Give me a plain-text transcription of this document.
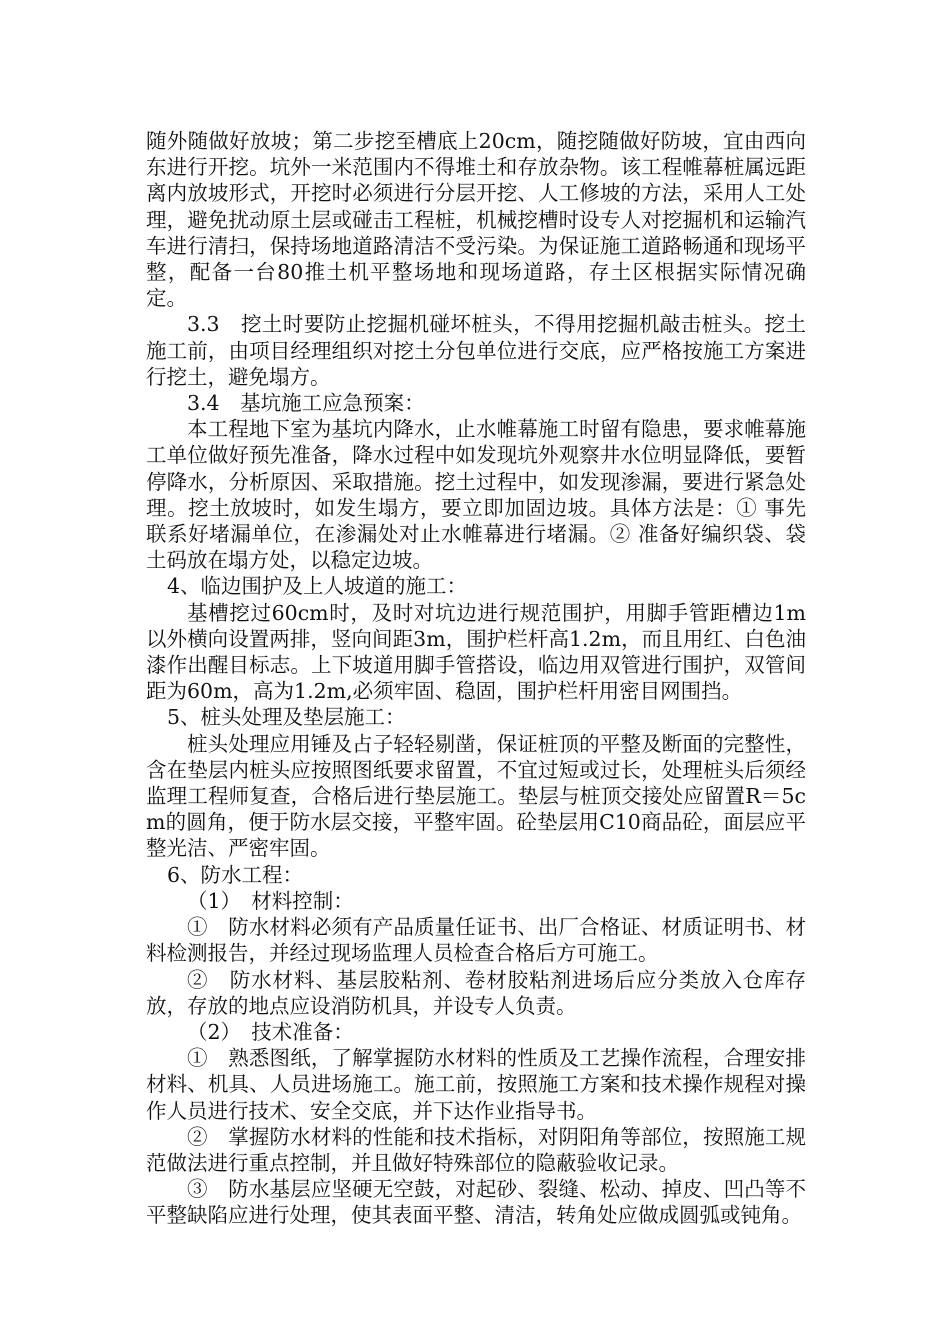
随外随做好放坡；第二步挖至槽底上20cm，随挖随做好防坡，宜由西向东进行开挖。坑外一米范围内不得堆土和存放杂物。该工程帷幕桩属远距离内放坡形式，开挖时必须进行分层开挖、人工修坡的方法，采用人工处理，避免扰动原土层或碰击工程桩，机械挖槽时设专人对挖掘机和运输汽车进行清扫，保持场地道路清洁不受污染。为保证施工道路畅通和现场平整，配备一台80推土机平整场地和现场道路，存土区根据实际情况确定。

3.3　挖土时要防止挖掘机碰坏桩头，不得用挖掘机敲击桩头。挖土施工前，由项目经理组织对挖土分包单位进行交底，应严格按施工方案进行挖土，避免塌方。

3.4　基坑施工应急预案：

本工程地下室为基坑内降水，止水帷幕施工时留有隐患，要求帷幕施工单位做好预先准备，降水过程中如发现坑外观察井水位明显降低，要暂停降水，分析原因、采取措施。挖土过程中，如发现渗漏，要进行紧急处理。挖土放坡时，如发生塌方，要立即加固边坡。具体方法是：① 事先联系好堵漏单位，在渗漏处对止水帷幕进行堵漏。② 准备好编织袋、袋土码放在塌方处，以稳定边坡。

4、临边围护及上人坡道的施工：

基槽挖过60cm时，及时对坑边进行规范围护，用脚手管距槽边1m以外横向设置两排，竖向间距3m，围护栏杆高1.2m，而且用红、白色油漆作出醒目标志。上下坡道用脚手管搭设，临边用双管进行围护，双管间距为60m，高为1.2m,必须牢固、稳固，围护栏杆用密目网围挡。

5、桩头处理及垫层施工：

桩头处理应用锤及占子轻轻剔凿，保证桩顶的平整及断面的完整性，含在垫层内桩头应按照图纸要求留置，不宜过短或过长，处理桩头后须经监理工程师复查，合格后进行垫层施工。垫层与桩顶交接处应留置R＝5cm的圆角，便于防水层交接，平整牢固。砼垫层用C10商品砼，面层应平整光洁、严密牢固。

6、防水工程：

（1）　材料控制：

①　防水材料必须有产品质量任证书、出厂合格证、材质证明书、材料检测报告，并经过现场监理人员检查合格后方可施工。

②　防水材料、基层胶粘剂、卷材胶粘剂进场后应分类放入仓库存放，存放的地点应设消防机具，并设专人负责。

（2）　技术准备：

①　熟悉图纸，了解掌握防水材料的性质及工艺操作流程，合理安排材料、机具、人员进场施工。施工前，按照施工方案和技术操作规程对操作人员进行技术、安全交底，并下达作业指导书。

②　掌握防水材料的性能和技术指标，对阴阳角等部位，按照施工规范做法进行重点控制，并且做好特殊部位的隐蔽验收记录。

③　防水基层应坚硬无空鼓，对起砂、裂缝、松动、掉皮、凹凸等不平整缺陷应进行处理，使其表面平整、清洁，转角处应做成圆弧或钝角。
